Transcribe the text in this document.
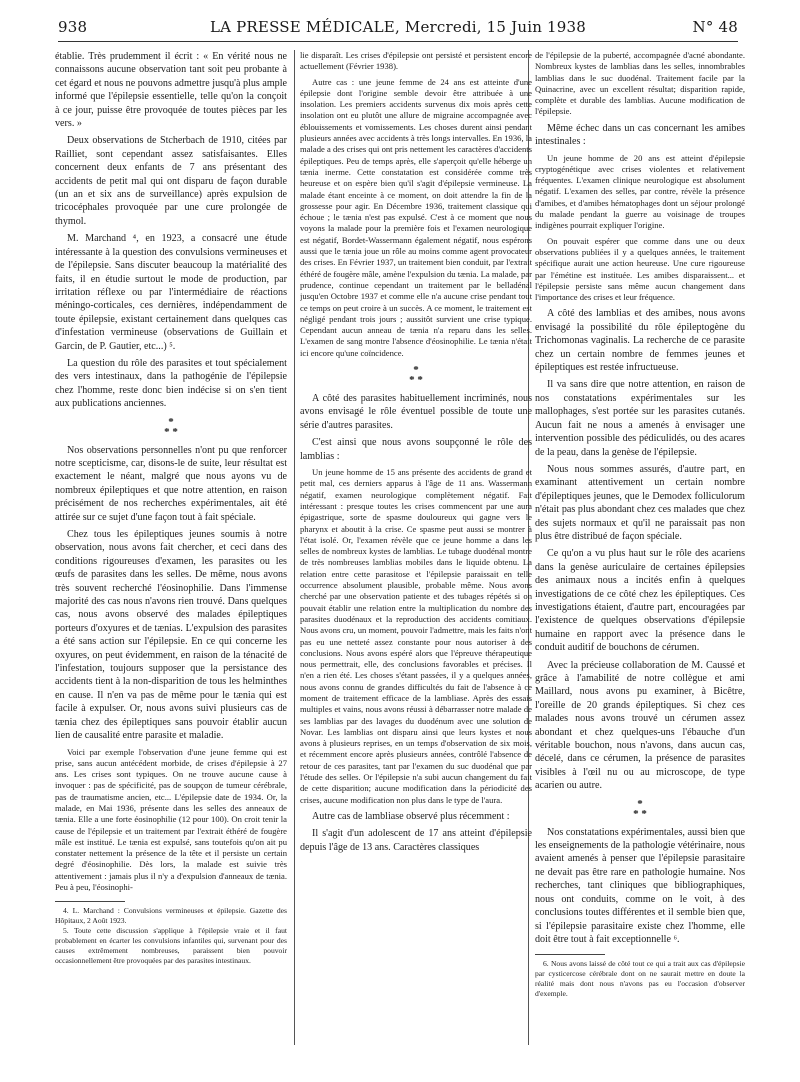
938	LA PRESSE MÉDICALE, Mercredi, 15 Juin 1938	N° 48

établie. Très prudemment il écrit : « En vérité nous ne connaissons aucune observation tant soit peu probante à cet égard et nous ne pouvons admettre jusqu'à plus ample informé que l'épilepsie essentielle, telle qu'on la conçoit à ce jour, puisse être provoquée de toutes pièces par les vers. »

Deux observations de Stcherbach de 1910, citées par Railliet, sont cependant assez satisfaisantes. Elles concernent deux enfants de 7 ans présentant des accidents de petit mal qui ont disparu de façon durable (un an et six ans de surveillance) après expulsion de tricocéphales provoquée par une cure prolongée de thymol.

M. Marchand ⁴, en 1923, a consacré une étude intéressante à la question des convulsions vermineuses et de l'épilepsie. Sans discuter beaucoup la matérialité des faits, il en étudie surtout le mode de production, par irritation réflexe ou par l'intermédiaire de réactions méningo-corticales, ces dernières, indépendamment de toute épilepsie, existant certainement dans quelques cas d'infestation vermineuse (observations de Guillain et Garcin, de P. Gautier, etc...) ⁵.

La question du rôle des parasites et tout spécialement des vers intestinaux, dans la pathogénie de l'épilepsie chez l'homme, reste donc bien indécise si on s'en tient aux publications anciennes.

*
* *

Nos observations personnelles n'ont pu que renforcer notre scepticisme, car, disons-le de suite, leur résultat est exactement le néant, malgré que nous ayons vu de nombreux épileptiques et que notre attention, en raison précisément de nos recherches expérimentales, ait été attirée sur ce sujet d'une façon tout à fait spéciale.

Chez tous les épileptiques jeunes soumis à notre observation, nous avons fait chercher, et ceci dans des conditions rigoureuses d'examen, les parasites ou les œufs de parasites dans les selles. De même, nous avons très souvent recherché l'éosinophilie. Dans l'immense majorité des cas nous n'avons rien trouvé. Dans quelques cas, nous avons observé des malades épileptiques porteurs d'oxyures et de tænias. L'expulsion des parasites a été sans action sur l'épilepsie. En ce qui concerne les oxyures, on peut évidemment, en raison de la ténacité de l'infestation, toujours supposer que la persistance des accidents tient à la non-disparition de tous les helminthes en cause. Il n'en va pas de même pour le tænia qui est facile à expulser. Or, nous avons suivi plusieurs cas de tænia chez des épileptiques sans pouvoir établir aucun lien de causalité entre parasite et maladie.

Voici par exemple l'observation d'une jeune femme qui est prise, sans aucun antécédent morbide, de crises d'épilepsie à 27 ans. Les crises sont typiques. On ne trouve aucune cause à invoquer : pas de spécificité, pas de soupçon de tumeur cérébrale, pas de traumatisme ancien, etc... L'épilepsie date de 1934. Or, la malade, en Mai 1936, présente dans les selles des anneaux de tænia. Elle a une forte éosinophilie (12 pour 100). On croit tenir la cause de l'épilepsie et un traitement par l'extrait éthéré de fougère mâle est institué. Le tænia est expulsé, sans toutefois qu'on ait pu constater nettement la présence de la tête et il persiste un certain degré d'éosinophilie. Dès lors, la malade est suivie très attentivement : jamais plus il n'y a d'expulsion d'anneaux de tænia. Peu à peu, l'éosinophi-

4. L. Marchand : Convulsions vermineuses et épilepsie. Gazette des Hôpitaux, 2 Août 1923.

5. Toute cette discussion s'applique à l'épilepsie vraie et il faut probablement en écarter les convulsions infantiles qui, survenant pour des causes extrêmement nombreuses, paraissent bien pouvoir occasionnellement être provoquées par des parasites intestinaux.

lie disparaît. Les crises d'épilepsie ont persisté et persistent encore actuellement (Février 1938).

Autre cas : une jeune femme de 24 ans est atteinte d'une épilepsie dont l'origine semble devoir être attribuée à une insolation. Les premiers accidents survenus dix mois après cette insolation ont eu plutôt une allure de migraine accompagnée avec éblouissements et vomissements. Les choses durent ainsi pendant plusieurs années avec accidents à très longs intervalles. En 1936, la malade a des crises qui ont pris nettement les caractères d'accidents épileptiques. Peu de temps après, elle s'aperçoit qu'elle héberge un tænia inerme. Cette constatation est considérée comme très heureuse et on espère bien qu'il s'agit d'épilepsie vermineuse. La malade étant enceinte à ce moment, on doit attendre la fin de la grossesse pour agir. En Décembre 1936, traitement classique qui échoue ; le tænia n'est pas expulsé. C'est à ce moment que nous voyons la malade pour la première fois et l'examen neurologique est négatif, Bordet-Wassermann également négatif, nous espérons aussi que le tænia joue un rôle au moins comme agent provocateur des crises. En Février 1937, un traitement bien conduit, par l'extrait éthéré de fougère mâle, amène l'expulsion du tænia. La malade, par prudence, continue cependant un traitement par le belladénal jusqu'en Octobre 1937 et comme elle n'a aucune crise pendant tout ce temps on peut croire à un succès. A ce moment, le traitement est négligé pendant trois jours ; aussitôt survient une crise typique. Cependant aucun anneau de tænia n'a reparu dans les selles. L'examen de sang montre l'absence d'éosinophilie. Le tænia n'était ici encore qu'une coïncidence.

*
* *

A côté des parasites habituellement incriminés, nous avons envisagé le rôle éventuel possible de toute une série d'autres parasites.

C'est ainsi que nous avons soupçonné le rôle des lamblias :

Un jeune homme de 15 ans présente des accidents de grand et petit mal, ces derniers apparus à l'âge de 11 ans. Wassermann négatif, examen neurologique complètement négatif. Fait intéressant : presque toutes les crises commencent par une aura épigastrique, sorte de spasme douloureux qui gagne vers le pharynx et aboutit à la crise. Ce spasme peut aussi se montrer à l'état isolé. Or, l'examen révèle que ce jeune homme a dans les selles de nombreux kystes de lamblias. Le tubage duodénal montre de très nombreuses lamblias mobiles dans le liquide obtenu. La relation entre cette parasitose et l'épilepsie paraissait en telle occurrence absolument plausible, probable même. Nous avons cherché par une observation patiente et des tubages répétés si on pouvait établir une relation entre la multiplication du nombre des parasites duodénaux et la reproduction des accidents comitiaux. Nous avons cru, un moment, pouvoir l'admettre, mais les faits n'ont pas eu une netteté assez constante pour nous autoriser à des conclusions. Nous avons espéré alors que l'épreuve thérapeutique nous permettrait, elle, des conclusions favorables et précises. Il n'en a rien été. Les choses s'étant passées, il y a quelques années, nous avons connu de grandes difficultés du fait de l'absence à ce moment de traitement efficace de la lambliase. Après des essais multiples et vains, nous avons réussi à débarrasser notre malade de ses lamblias par des lavages du duodénum avec une solution de Novar. Les lamblias ont disparu ainsi que leurs kystes et nous avons à plusieurs reprises, en un temps d'observation de six mois, et récemment encore après plusieurs années, contrôlé l'absence de retour de ces parasites, tant par l'examen du suc duodénal que par l'étude des selles. Or l'épilepsie n'a subi aucun changement du fait de cette disparition; aucune modification dans la périodicité des crises, aucune modification non plus dans le type de l'aura.

Autre cas de lambliase observé plus récemment :

Il s'agit d'un adolescent de 17 ans atteint d'épilepsie depuis l'âge de 13 ans. Caractères classiques

de l'épilepsie de la puberté, accompagnée d'acné abondante. Nombreux kystes de lamblias dans les selles, innombrables lamblias dans le suc duodénal. Traitement facile par la Quinacrine, avec un excellent résultat; disparition rapide, complète et durable des lamblias. Aucune modification de l'épilepsie.

Même échec dans un cas concernant les amibes intestinales :

Un jeune homme de 20 ans est atteint d'épilepsie cryptogénétique avec crises violentes et relativement fréquentes. L'examen clinique neurologique est absolument négatif. L'examen des selles, par contre, révèle la présence d'amibes, et d'amibes hématophages dont un séjour prolongé du malade pendant la guerre au voisinage de troupes indigènes pourrait expliquer l'origine.

On pouvait espérer que comme dans une ou deux observations publiées il y a quelques années, le traitement spécifique aurait une action heureuse. Une cure rigoureuse par l'émétine est instituée. Les amibes disparaissent... et l'épilepsie persiste sans même aucun changement dans l'importance des crises et leur fréquence.

A côté des lamblias et des amibes, nous avons envisagé la possibilité du rôle épileptogène du Trichomonas vaginalis. La recherche de ce parasite chez un certain nombre de femmes jeunes et épileptiques est restée infructueuse.

Il va sans dire que notre attention, en raison de nos constatations expérimentales sur les mallophages, s'est portée sur les parasites cutanés. Aucun fait ne nous a amenés à envisager une intervention possible des pédiculidés, ou des acares de la peau, dans la genèse de l'épilepsie.

Nous nous sommes assurés, d'autre part, en examinant attentivement un certain nombre d'épileptiques jeunes, que le Demodex folliculorum n'était pas plus abondant chez ces malades que chez des sujets normaux et qu'il ne paraissait pas non plus être distribué de façon spéciale.

Ce qu'on a vu plus haut sur le rôle des acariens dans la genèse auriculaire de certaines épilepsies des animaux nous a incités enfin à quelques investigations de ce côté chez les épileptiques. Ces investigations étaient, d'autre part, encouragées par l'existence de quelques observations d'épilepsie humaine en rapport avec la présence dans le conduit auditif de bouchons de cérumen.

Avec la précieuse collaboration de M. Caussé et grâce à l'amabilité de notre collègue et ami Maillard, nous avons pu examiner, à Bicêtre, l'oreille de 20 grands épileptiques. Si chez ces malades nous avons trouvé un cérumen assez abondant et chez quelques-uns l'ébauche d'un véritable bouchon, nous n'avons, dans aucun cas, décelé, dans ce cérumen, la présence de parasites visibles à l'œil nu ou au microscope, de type acarien ou autre.

*
* *

Nos constatations expérimentales, aussi bien que les enseignements de la pathologie vétérinaire, nous avaient amenés à penser que l'épilepsie parasitaire ne devait pas être rare en pathologie humaine. Nos recherches, tant cliniques que bibliographiques, nous ont conduits, comme on le voit, à des conclusions toutes différentes et il semble bien que, si l'épilepsie parasitaire existe chez l'homme, elle doit être tout à fait exceptionnelle ⁶.

6. Nous avons laissé de côté tout ce qui a trait aux cas d'épilepsie par cysticercose cérébrale dont on ne saurait mettre en doute la réalité mais dont nous n'avons pas eu l'occasion d'observer d'exemple.
